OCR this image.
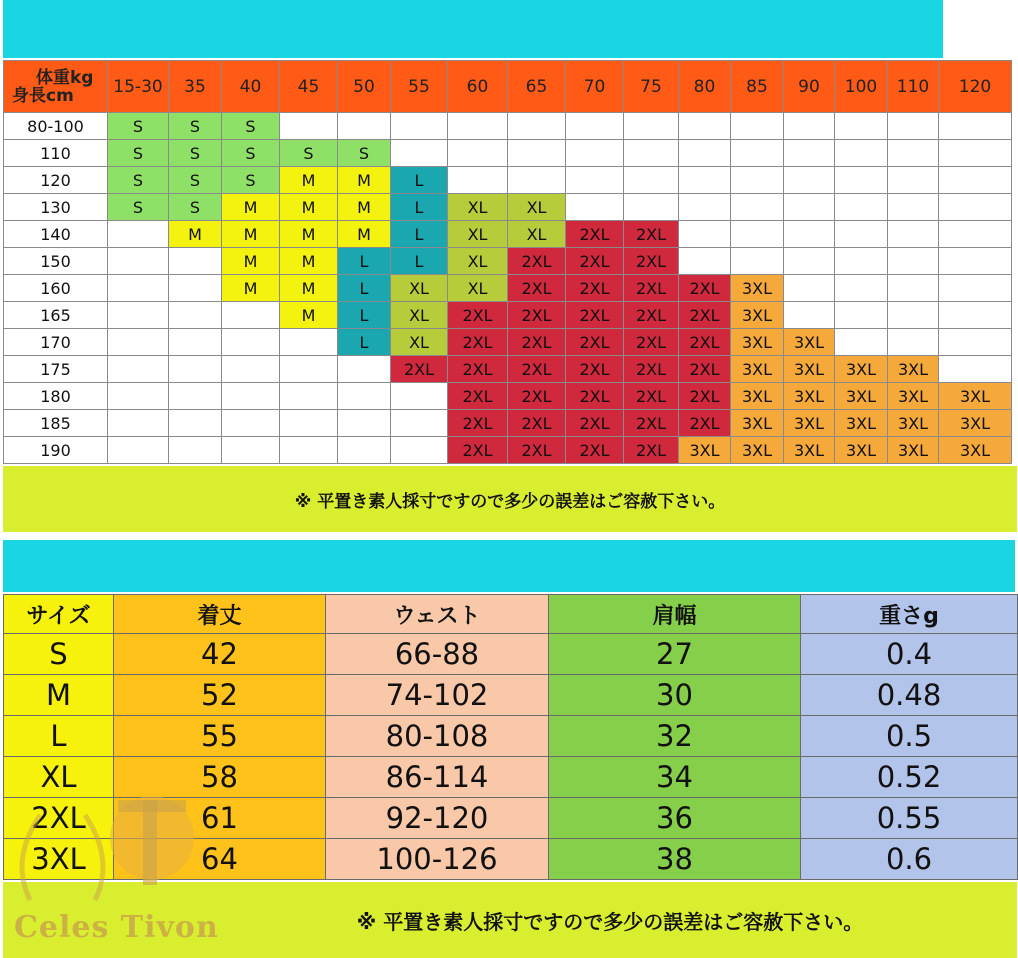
体重kg
身長cm	15-30	35	40	45	50	55	60	65	70	75	80	85	90	100	110	120
80-100	S	S	S													
110	S	S	S	S	S											
120	S	S	S	M	M	L										
130	S	S	M	M	M	L	XL	XL								
140		M	M	M	M	L	XL	XL	2XL	2XL						
150			M	M	L	L	XL	2XL	2XL	2XL						
160			M	M	L	XL	XL	2XL	2XL	2XL	2XL	3XL				
165				M	L	XL	2XL	2XL	2XL	2XL	2XL	3XL				
170					L	XL	2XL	2XL	2XL	2XL	2XL	3XL	3XL			
175						2XL	2XL	2XL	2XL	2XL	2XL	3XL	3XL	3XL	3XL	
180							2XL	2XL	2XL	2XL	2XL	3XL	3XL	3XL	3XL	3XL
185							2XL	2XL	2XL	2XL	2XL	3XL	3XL	3XL	3XL	3XL
190							2XL	2XL	2XL	2XL	3XL	3XL	3XL	3XL	3XL	3XL
※ 平置き素人採寸ですので多少の誤差はご容赦下さい。
サイズ	着丈	ウェスト	肩幅	重さg
S	42	66-88	27	0.4
M	52	74-102	30	0.48
L	55	80-108	32	0.5
XL	58	86-114	34	0.52
2XL	61	92-120	36	0.55
3XL	64	100-126	38	0.6
※ 平置き素人採寸ですので多少の誤差はご容赦下さい。
Celes Tivon
